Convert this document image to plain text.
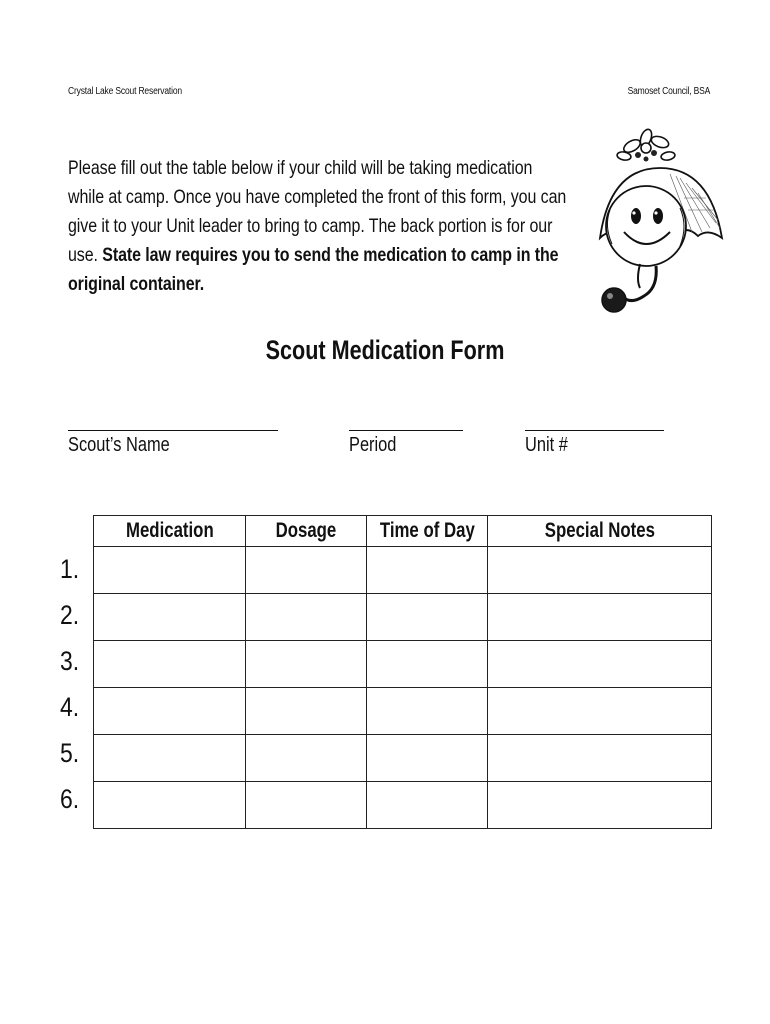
Crystal Lake Scout Reservation	Samoset Council, BSA
Please fill out the table below if your child will be taking medication while at camp. Once you have completed the front of this form, you can give it to your Unit leader to bring to camp. The back portion is for our use. State law requires you to send the medication to camp in the original container.
Scout Medication Form
Scout’s Name	Period	Unit #
Medication	Dosage	Time of Day	Special Notes

1.
2.
3.
4.
5.
6.
